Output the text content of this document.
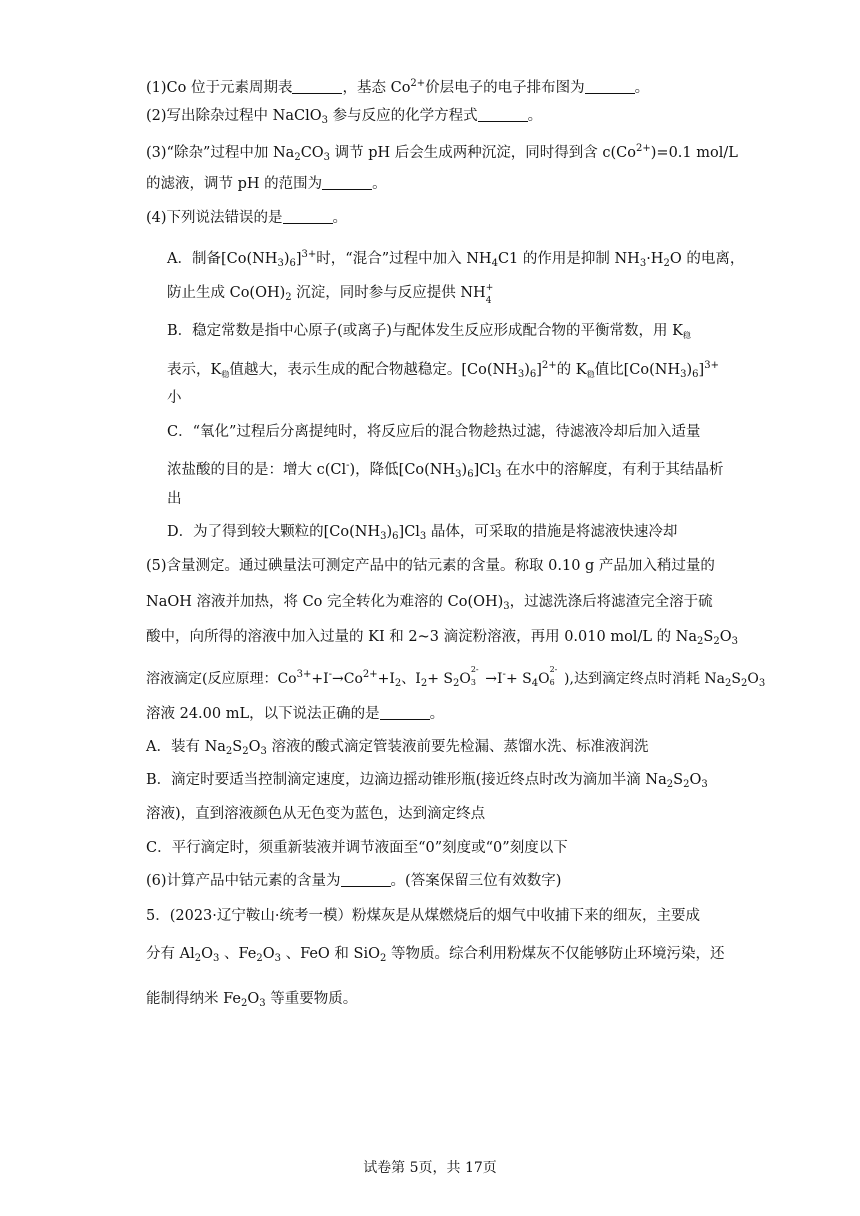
(1)Co 位于元素周期表	，基态 $Co^{2+}$价层电子的电子排布图为	。
(2)写出除杂过程中 NaClO$_3$ 参与反应的化学方程式	。
(3)“除杂”过程中加 $Na_2CO_3$ 调节 pH 后会生成两种沉淀，同时得到含 $c(Co^{2+})=0.1$ mol/L
的滤液，调节 pH 的范围为	。
(4)下列说法错误的是	。
A．制备$[Co(NH_3)_6]^{3+}$时，“混合”过程中加入 $NH_4C1$ 的作用是抑制 $NH_3\cdot H_2O$ 的电离，
防止生成 $Co(OH)_2$ 沉淀，同时参与反应提供 NH +
4
B．稳定常数是指中心原子(或离子)与配体发生反应形成配合物的平衡常数，用 $K_稳$
表示，$K_稳$值越大，表示生成的配合物越稳定。$[Co(NH_3)_6]^{2+}$的 $K_稳$值比$[Co(NH_3)_6]^{3+}$
小
C．“氧化”过程后分离提纯时，将反应后的混合物趁热过滤，待滤液冷却后加入适量
浓盐酸的目的是：增大 c(Cl-)，降低$[Co(NH_3)_6]Cl_3$ 在水中的溶解度，有利于其结晶析
出
D．为了得到较大颗粒的$[Co(NH_3)_6]Cl_3$ 晶体，可采取的措施是将滤液快速冷却
(5)含量测定。通过碘量法可测定产品中的钴元素的含量。称取 0.10 g 产品加入稍过量的
NaOH 溶液并加热，将 Co 完全转化为难溶的 $Co(OH)_3$，过滤洗涤后将滤渣完全溶于硫
酸中，向所得的溶液中加入过量的 KI 和 2~3 滴淀粉溶液，再用 0.010 mol/L 的 $Na_2S_2O_3$
溶液滴定(反应原理：$Co^{3+}+I^-\to Co^{2+}+I_2$、$I_2+ S_2O$
2-
$3 \to I^-+ S_4O$
2-
6 ),达到滴定终点时消耗 $Na_2S_2O_3$
溶液 24.00 mL，以下说法正确的是	。
A．装有 $Na_2S_2O_3$ 溶液的酸式滴定管装液前要先检漏、蒸馏水洗、标准液润洗
B．滴定时要适当控制滴定速度，边滴边摇动锥形瓶(接近终点时改为滴加半滴 $Na_2S_2O_3$
溶液)，直到溶液颜色从无色变为蓝色，达到滴定终点
C．平行滴定时，须重新装液并调节液面至“0”刻度或“0”刻度以下
(6)计算产品中钴元素的含量为	。(答案保留三位有效数字)
5．(2023·辽宁鞍山·统考一模）粉煤灰是从煤燃烧后的烟气中收捕下来的细灰，主要成
分有 $Al_2O_3$ 、$Fe_2O_3$ 、FeO 和 SiO$_2$ 等物质。综合利用粉煤灰不仅能够防止环境污染，还
能制得纳米 $Fe_2O_3$ 等重要物质。
试卷第 5页，共 17页
